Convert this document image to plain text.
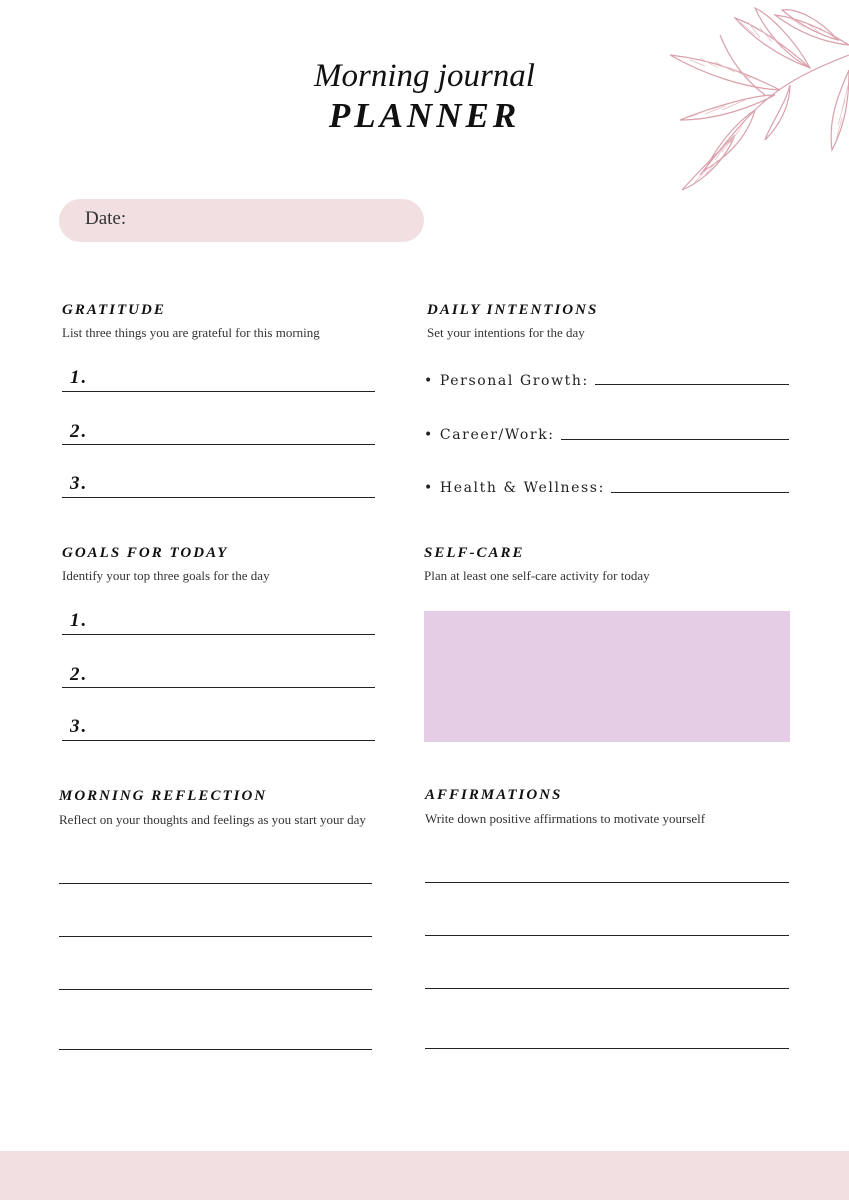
Morning journal
PLANNER
Date:
GRATITUDE
List three things you are grateful for this morning
1.
2.
3.
DAILY INTENTIONS
Set your intentions for the day
• Personal Growth:
• Career/Work:
• Health & Wellness:
GOALS FOR TODAY
Identify your top three goals for the day
1.
2.
3.
SELF-CARE
Plan at least one self-care activity for today
MORNING REFLECTION
Reflect on your thoughts and feelings as you start your day
AFFIRMATIONS
Write down positive affirmations to motivate yourself
